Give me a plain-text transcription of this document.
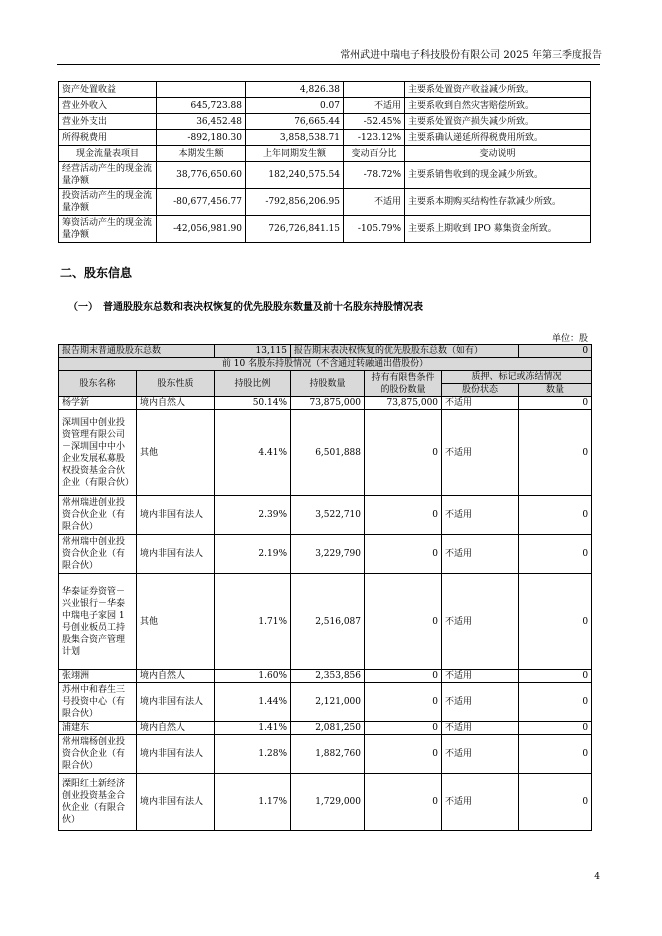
常州武进中瑞电子科技股份有限公司 2025 年第三季度报告
资产处置收益		4,826.38		主要系处置资产收益减少所致。
营业外收入	645,723.88	0.07	不适用	主要系收到自然灾害赔偿所致。
营业外支出	36,452.48	76,665.44	-52.45%	主要系处置资产损失减少所致。
所得税费用	-892,180.30	3,858,538.71	-123.12%	主要系确认递延所得税费用所致。
现金流量表项目	本期发生额	上年同期发生额	变动百分比	变动说明
经营活动产生的现金流量净额	38,776,650.60	182,240,575.54	-78.72%	主要系销售收到的现金减少所致。
投资活动产生的现金流量净额	-80,677,456.77	-792,856,206.95	不适用	主要系本期购买结构性存款减少所致。
筹资活动产生的现金流量净额	-42,056,981.90	726,726,841.15	-105.79%	主要系上期收到 IPO 募集资金所致。
二、股东信息
（一）　普通股股东总数和表决权恢复的优先股股东数量及前十名股东持股情况表
单位：股
报告期末普通股股东总数		13,115	报告期末表决权恢复的优先股股东总数（如有）			0
前 10 名股东持股情况（不含通过转融通出借股份）						
股东名称	股东性质	持股比例	持股数量	持有有限售条件的股份数量	质押、标记或冻结情况	
					股份状态	数量
杨学新	境内自然人	50.14%	73,875,000	73,875,000	不适用	0
深圳国中创业投资管理有限公司－深圳国中中小企业发展私募股权投资基金合伙企业（有限合伙）	其他	4.41%	6,501,888	0	不适用	0
常州瑞进创业投资合伙企业（有限合伙）	境内非国有法人	2.39%	3,522,710	0	不适用	0
常州瑞中创业投资合伙企业（有限合伙）	境内非国有法人	2.19%	3,229,790	0	不适用	0
华泰证券资管－兴业银行－华泰中瑞电子家园 1 号创业板员工持股集合资产管理计划	其他	1.71%	2,516,087	0	不适用	0
张翊洲	境内自然人	1.60%	2,353,856	0	不适用	0
苏州中和春生三号投资中心（有限合伙）	境内非国有法人	1.44%	2,121,000	0	不适用	0
浦建东	境内自然人	1.41%	2,081,250	0	不适用	0
常州瑞杨创业投资合伙企业（有限合伙）	境内非国有法人	1.28%	1,882,760	0	不适用	0
溧阳红土新经济创业投资基金合伙企业（有限合伙）	境内非国有法人	1.17%	1,729,000	0	不适用	0
4
